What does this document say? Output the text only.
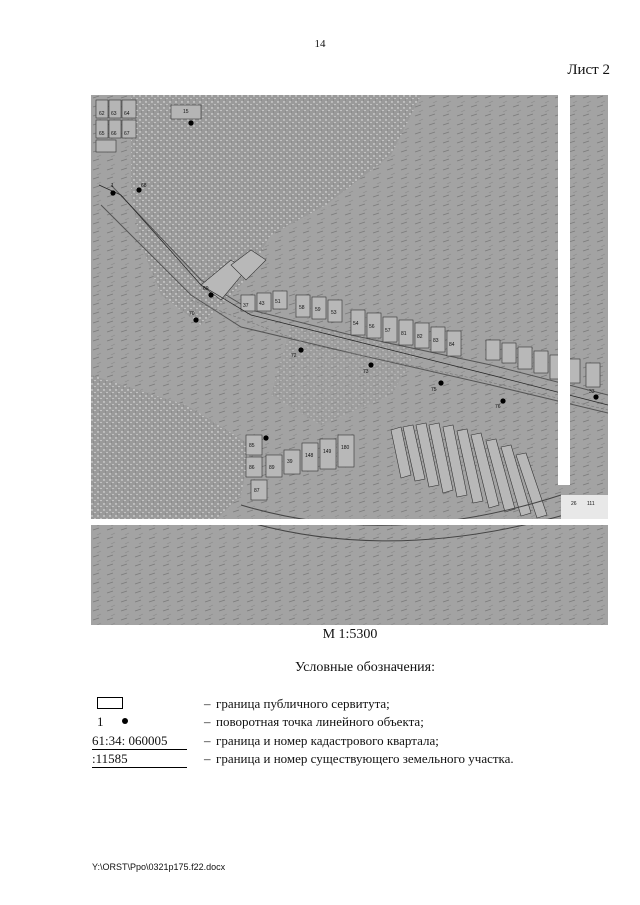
14
Лист 2
1
62 63 64
65 66 67
68
69
70
72
73
75
76
33
37 43 51
58 59 53
54 56
57 81 82
83
84
85
86
87
89
39
148
149
180
15
26 111
М 1:5300
Условные обозначения:
– граница публичного сервитута;
1	– поворотная точка линейного объекта;
61:34: 060005	– граница и номер кадастрового квартала;
:11585	– граница и номер существующего земельного участка.
Y:\ORST\Ppo\0321p175.f22.docx
